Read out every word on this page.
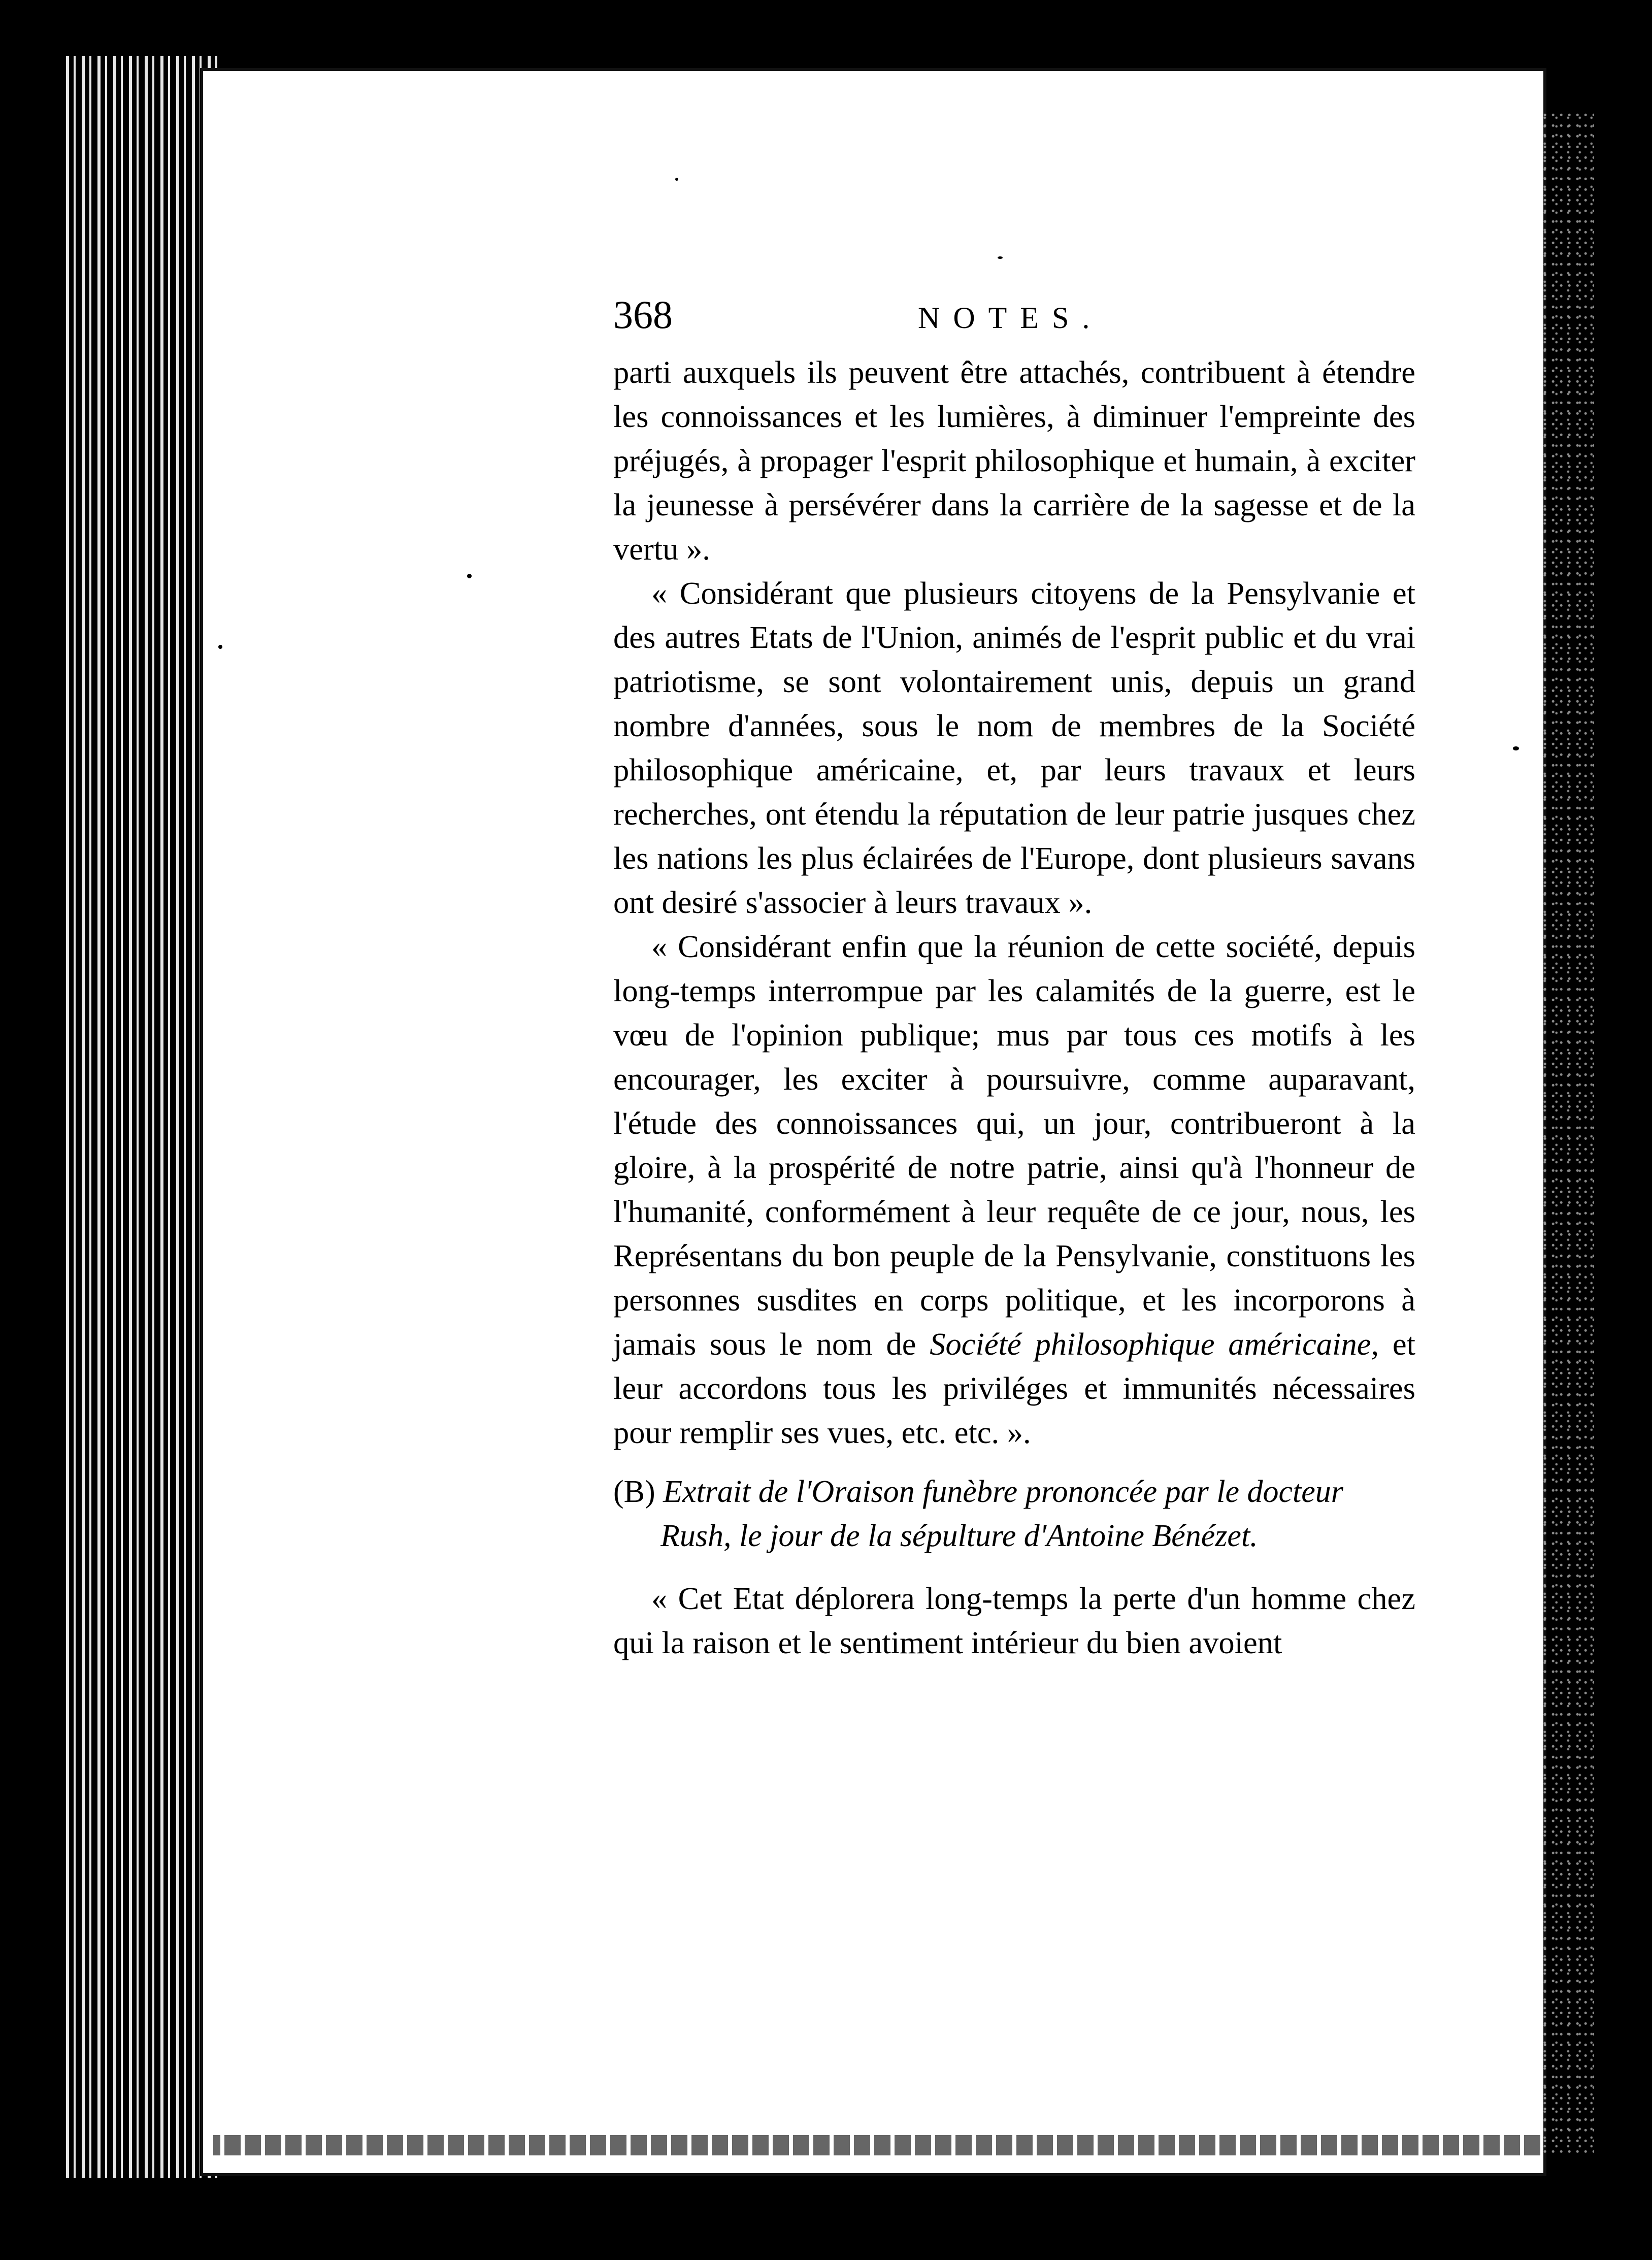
368	NOTES.

parti auxquels ils peuvent être attachés, contribuent à étendre les connoissances et les lumières, à diminuer l'empreinte des préjugés, à propager l'esprit philosophique et humain, à exciter la jeunesse à persévérer dans la carrière de la sagesse et de la vertu ».

« Considérant que plusieurs citoyens de la Pensylvanie et des autres Etats de l'Union, animés de l'esprit public et du vrai patriotisme, se sont volontairement unis, depuis un grand nombre d'années, sous le nom de membres de la Société philosophique américaine, et, par leurs travaux et leurs recherches, ont étendu la réputation de leur patrie jusques chez les nations les plus éclairées de l'Europe, dont plusieurs savans ont desiré s'associer à leurs travaux ».

« Considérant enfin que la réunion de cette société, depuis long-temps interrompue par les calamités de la guerre, est le vœu de l'opinion publique; mus par tous ces motifs à les encourager, les exciter à poursuivre, comme auparavant, l'étude des connoissances qui, un jour, contribueront à la gloire, à la prospérité de notre patrie, ainsi qu'à l'honneur de l'humanité, conformément à leur requête de ce jour, nous, les Représentans du bon peuple de la Pensylvanie, constituons les personnes susdites en corps politique, et les incorporons à jamais sous le nom de Société philosophique américaine, et leur accordons tous les priviléges et immunités nécessaires pour remplir ses vues, etc. etc. ».

(B) Extrait de l'Oraison funèbre prononcée par le docteur
Rush, le jour de la sépulture d'Antoine Bénézet.

« Cet Etat déplorera long-temps la perte d'un homme chez qui la raison et le sentiment intérieur du bien avoient
